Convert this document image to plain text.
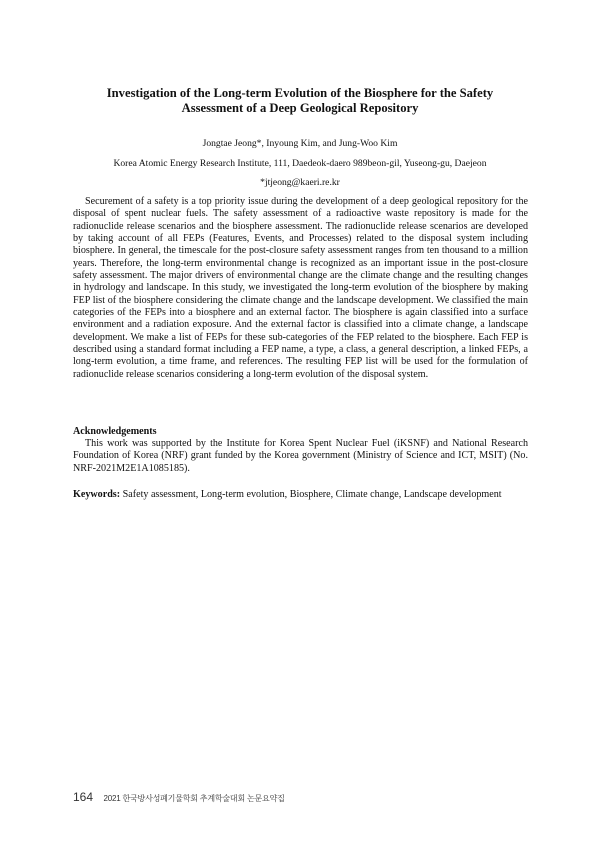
Investigation of the Long-term Evolution of the Biosphere for the Safety
Assessment of a Deep Geological Repository

Jongtae Jeong*, Inyoung Kim, and Jung-Woo Kim
Korea Atomic Energy Research Institute, 111, Daedeok-daero 989beon-gil, Yuseong-gu, Daejeon
*jtjeong@kaeri.re.kr

Securement of a safety is a top priority issue during the development of a deep geological repository for the disposal of spent nuclear fuels. The safety assessment of a radioactive waste repository is made for the radionuclide release scenarios and the biosphere assessment. The radionuclide release scenarios are developed by taking account of all FEPs (Features, Events, and Processes) related to the disposal system including biosphere. In general, the timescale for the post-closure safety assessment ranges from ten thousand to a million years. Therefore, the long-term environmental change is recognized as an important issue in the post-closure safety assessment. The major drivers of environmental change are the climate change and the resulting changes in hydrology and landscape. In this study, we investigated the long-term evolution of the biosphere by making FEP list of the biosphere considering the climate change and the landscape development. We classified the main categories of the FEPs into a biosphere and an external factor. The biosphere is again classified into a surface environment and a radiation exposure. And the external factor is classified into a climate change, a landscape development. We make a list of FEPs for these sub-categories of the FEP related to the biosphere. Each FEP is described using a standard format including a FEP name, a type, a class, a general description, a linked FEPs, a long-term evolution, a time frame, and references. The resulting FEP list will be used for the formulation of radionuclide release scenarios considering a long-term evolution of the disposal system.

Acknowledgements

This work was supported by the Institute for Korea Spent Nuclear Fuel (iKSNF) and National Research Foundation of Korea (NRF) grant funded by the Korea government (Ministry of Science and ICT, MSIT) (No. NRF-2021M2E1A1085185).

Keywords: Safety assessment, Long-term evolution, Biosphere, Climate change, Landscape development
164 2021 한국방사성폐기물학회 추계학술대회 논문요약집
